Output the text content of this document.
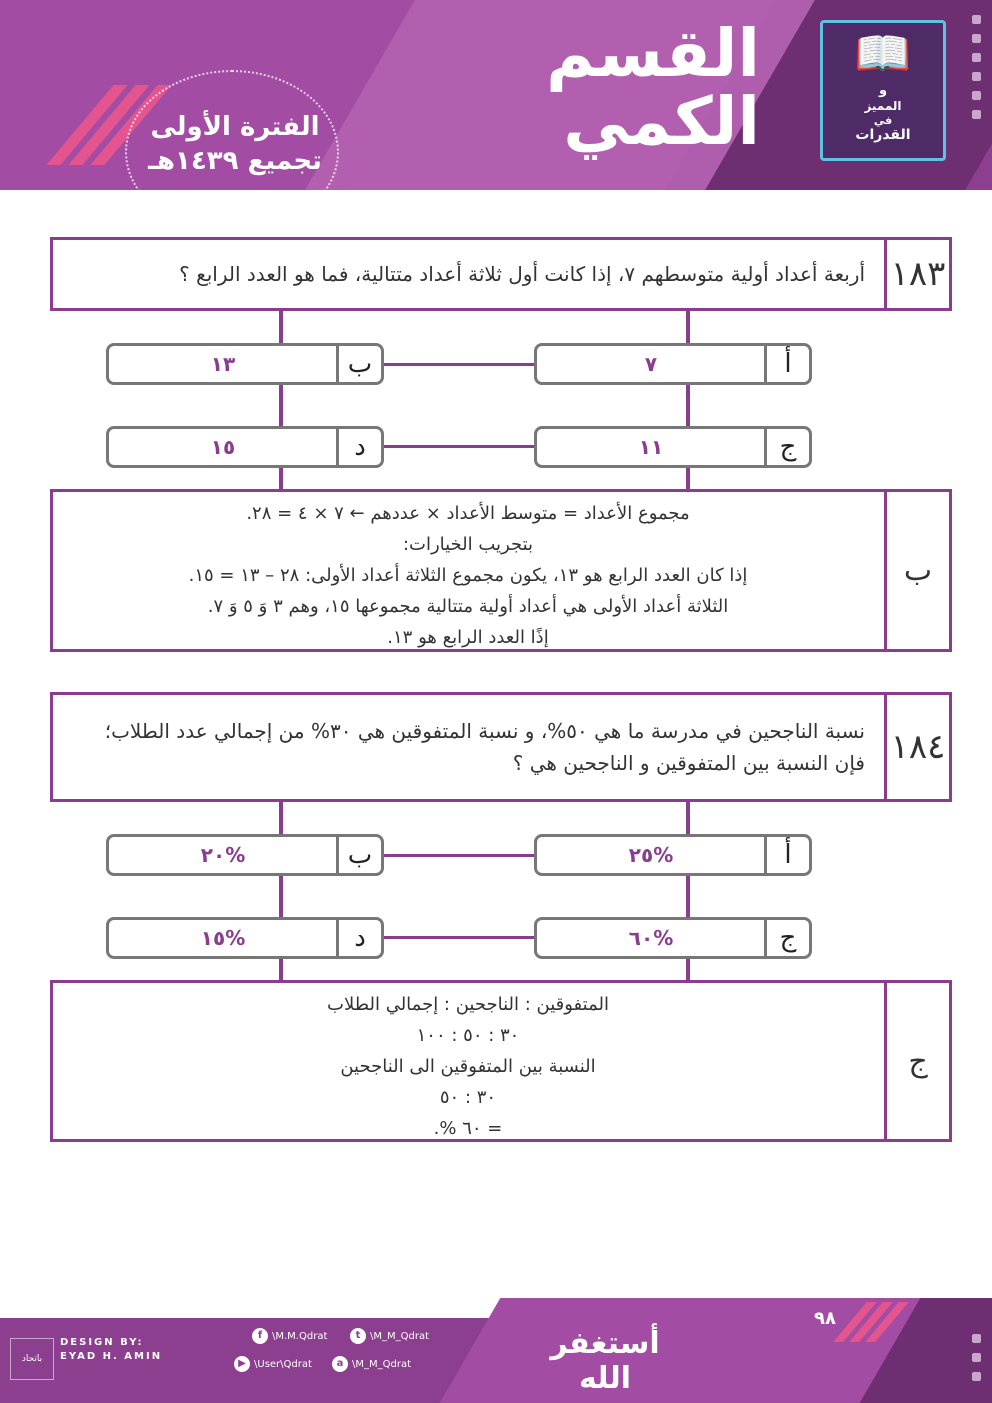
الفترة الأولى
تجميع ١٤٣٩هـ
القسم
الكمي
📖
و
المميز
في
القدرات
١٨٣
أربعة أعداد أولية متوسطهم ٧، إذا كانت أول ثلاثة أعداد متتالية، فما هو العدد الرابع ؟
٧	أ
١٣	ب
١١	ج
١٥	د
ب
مجموع الأعداد = متوسط الأعداد × عددهم ← ٧ × ٤ = ٢٨.
بتجريب الخيارات:
إذا كان العدد الرابع هو ١٣، يكون مجموع الثلاثة أعداد الأولى: ٢٨ – ١٣ = ١٥.
الثلاثة أعداد الأولى هي أعداد أولية متتالية مجموعها ١٥، وهم ٣ وَ ٥ وَ ٧.
إذًا العدد الرابع هو ١٣.
١٨٤
نسبة الناجحين في مدرسة ما هي ٥٠%، و نسبة المتفوقين هي ٣٠% من إجمالي عدد الطلاب؛ فإن النسبة بين المتفوقين و الناجحين هي ؟
%٢٥	أ
%٢٠	ب
%٦٠	ج
%١٥	د
ج
المتفوقين : الناجحين : إجمالي الطلاب
٣٠ : ٥٠ : ١٠٠
النسبة بين المتفوقين الى الناجحين
٣٠ : ٥٠
= ٦٠ %.
٩٨
باتحاد
DESIGN BY:
EYAD H. AMIN
f \M.M.Qdrat	t \M_M_Qdrat
▶ \User\Qdrat	a \M_M_Qdrat
أستغفر الله
